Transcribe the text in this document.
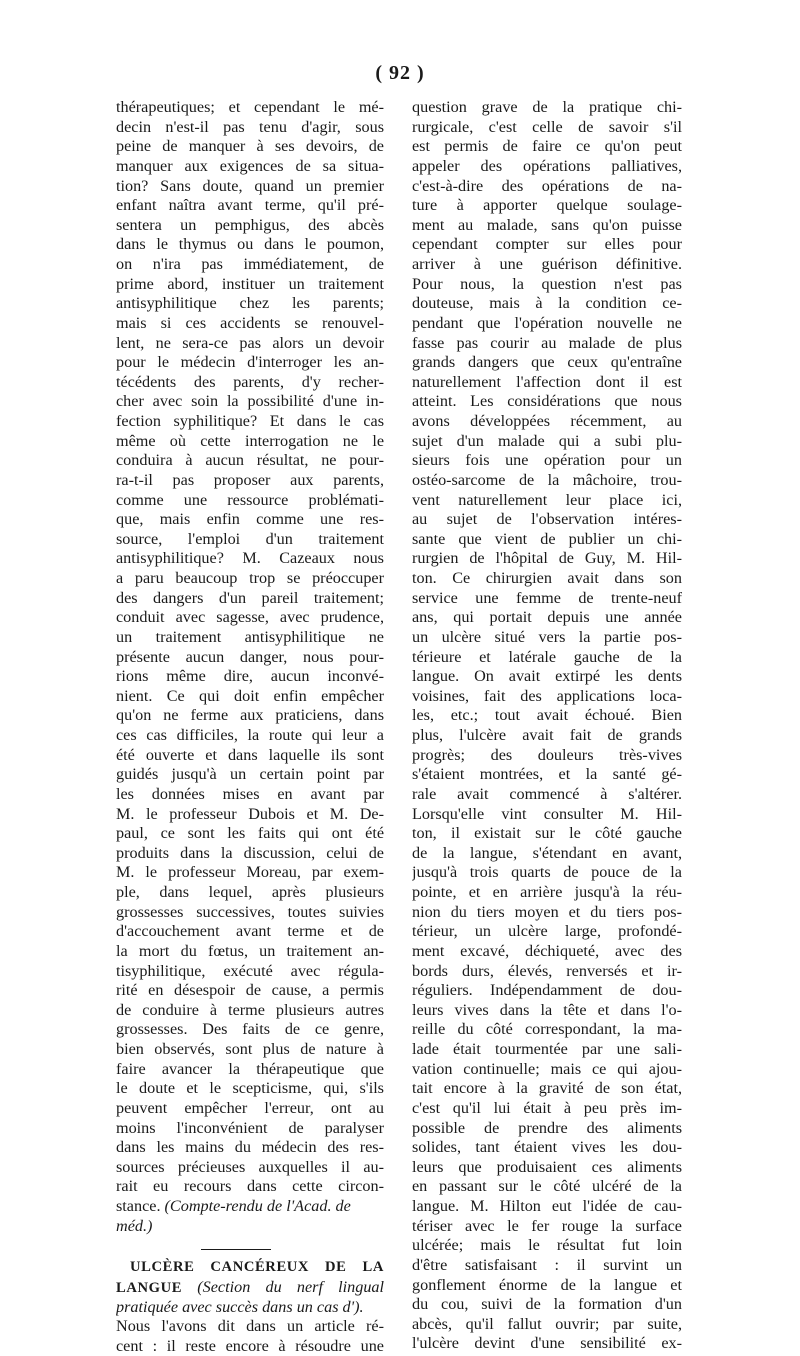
( 92 )

thérapeutiques; et cependant le mé-
decin n'est-il pas tenu d'agir, sous
peine de manquer à ses devoirs, de
manquer aux exigences de sa situa-
tion? Sans doute, quand un premier
enfant naîtra avant terme, qu'il pré-
sentera un pemphigus, des abcès
dans le thymus ou dans le poumon,
on n'ira pas immédiatement, de
prime abord, instituer un traitement
antisyphilitique chez les parents;
mais si ces accidents se renouvel-
lent, ne sera-ce pas alors un devoir
pour le médecin d'interroger les an-
técédents des parents, d'y recher-
cher avec soin la possibilité d'une in-
fection syphilitique? Et dans le cas
même où cette interrogation ne le
conduira à aucun résultat, ne pour-
ra-t-il pas proposer aux parents,
comme une ressource problémati-
que, mais enfin comme une res-
source, l'emploi d'un traitement
antisyphilitique? M. Cazeaux nous
a paru beaucoup trop se préoccuper
des dangers d'un pareil traitement;
conduit avec sagesse, avec prudence,
un traitement antisyphilitique ne
présente aucun danger, nous pour-
rions même dire, aucun inconvé-
nient. Ce qui doit enfin empêcher
qu'on ne ferme aux praticiens, dans
ces cas difficiles, la route qui leur a
été ouverte et dans laquelle ils sont
guidés jusqu'à un certain point par
les données mises en avant par
M. le professeur Dubois et M. De-
paul, ce sont les faits qui ont été
produits dans la discussion, celui de
M. le professeur Moreau, par exem-
ple, dans lequel, après plusieurs
grossesses successives, toutes suivies
d'accouchement avant terme et de
la mort du fœtus, un traitement an-
tisyphilitique, exécuté avec régula-
rité en désespoir de cause, a permis
de conduire à terme plusieurs autres
grossesses. Des faits de ce genre,
bien observés, sont plus de nature à
faire avancer la thérapeutique que
le doute et le scepticisme, qui, s'ils
peuvent empêcher l'erreur, ont au
moins l'inconvénient de paralyser
dans les mains du médecin des res-
sources précieuses auxquelles il au-
rait eu recours dans cette circon-

stance. (Compte-rendu de l'Acad. de
méd.)
ULCÈRE CANCÉREUX DE LA
LANGUE (Section du nerf lingual
pratiquée avec succès dans un cas d').

Nous l'avons dit dans un article ré-
cent : il reste encore à résoudre une

question grave de la pratique chi-
rurgicale, c'est celle de savoir s'il
est permis de faire ce qu'on peut
appeler des opérations palliatives,
c'est-à-dire des opérations de na-
ture à apporter quelque soulage-
ment au malade, sans qu'on puisse
cependant compter sur elles pour
arriver à une guérison définitive.
Pour nous, la question n'est pas
douteuse, mais à la condition ce-
pendant que l'opération nouvelle ne
fasse pas courir au malade de plus
grands dangers que ceux qu'entraîne
naturellement l'affection dont il est
atteint. Les considérations que nous
avons développées récemment, au
sujet d'un malade qui a subi plu-
sieurs fois une opération pour un
ostéo-sarcome de la mâchoire, trou-
vent naturellement leur place ici,
au sujet de l'observation intéres-
sante que vient de publier un chi-
rurgien de l'hôpital de Guy, M. Hil-
ton. Ce chirurgien avait dans son
service une femme de trente-neuf
ans, qui portait depuis une année
un ulcère situé vers la partie pos-
térieure et latérale gauche de la
langue. On avait extirpé les dents
voisines, fait des applications loca-
les, etc.; tout avait échoué. Bien
plus, l'ulcère avait fait de grands
progrès; des douleurs très-vives
s'étaient montrées, et la santé gé-
rale avait commencé à s'altérer.
Lorsqu'elle vint consulter M. Hil-
ton, il existait sur le côté gauche
de la langue, s'étendant en avant,
jusqu'à trois quarts de pouce de la
pointe, et en arrière jusqu'à la réu-
nion du tiers moyen et du tiers pos-
térieur, un ulcère large, profondé-
ment excavé, déchiqueté, avec des
bords durs, élevés, renversés et ir-
réguliers. Indépendamment de dou-
leurs vives dans la tête et dans l'o-
reille du côté correspondant, la ma-
lade était tourmentée par une sali-
vation continuelle; mais ce qui ajou-
tait encore à la gravité de son état,
c'est qu'il lui était à peu près im-
possible de prendre des aliments
solides, tant étaient vives les dou-
leurs que produisaient ces aliments
en passant sur le côté ulcéré de la
langue. M. Hilton eut l'idée de cau-
tériser avec le fer rouge la surface
ulcérée; mais le résultat fut loin
d'être satisfaisant : il survint un
gonflement énorme de la langue et
du cou, suivi de la formation d'un
abcès, qu'il fallut ouvrir; par suite,
l'ulcère devint d'une sensibilité ex-
